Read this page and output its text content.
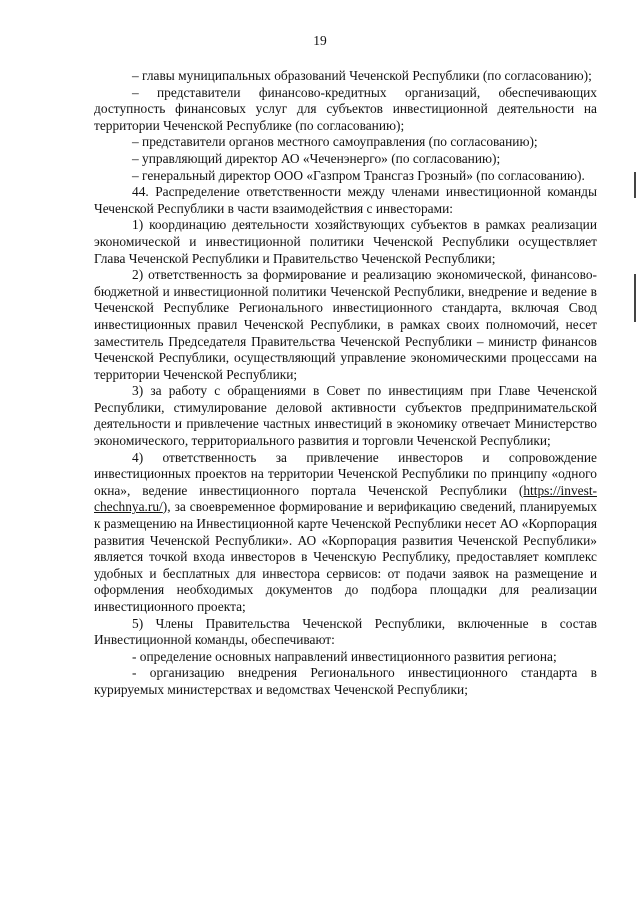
19

– главы муниципальных образований Чеченской Республики (по согласованию);

– представители финансово-кредитных организаций, обеспечивающих доступность финансовых услуг для субъектов инвестиционной деятельности на территории Чеченской Республике (по согласованию);

– представители органов местного самоуправления (по согласованию);

– управляющий директор АО «Чеченэнерго» (по согласованию);

– генеральный директор ООО «Газпром Трансгаз Грозный» (по согласованию).

44. Распределение ответственности между членами инвестиционной команды Чеченской Республики в части взаимодействия с инвесторами:

1) координацию деятельности хозяйствующих субъектов в рамках реализации экономической и инвестиционной политики Чеченской Республики осуществляет Глава Чеченской Республики и Правительство Чеченской Республики;

2) ответственность за формирование и реализацию экономической, финансово-бюджетной и инвестиционной политики Чеченской Республики, внедрение и ведение в Чеченской Республике Регионального инвестиционного стандарта, включая Свод инвестиционных правил Чеченской Республики, в рамках своих полномочий, несет заместитель Председателя Правительства Чеченской Республики – министр финансов Чеченской Республики, осуществляющий управление экономическими процессами на территории Чеченской Республики;

3) за работу с обращениями в Совет по инвестициям при Главе Чеченской Республики, стимулирование деловой активности субъектов предпринимательской деятельности и привлечение частных инвестиций в экономику отвечает Министерство экономического, территориального развития и торговли Чеченской Республики;

4) ответственность за привлечение инвесторов и сопровождение инвестиционных проектов на территории Чеченской Республики по принципу «одного окна», ведение инвестиционного портала Чеченской Республики (https://invest-chechnya.ru/), за своевременное формирование и верификацию сведений, планируемых к размещению на Инвестиционной карте Чеченской Республики несет АО «Корпорация развития Чеченской Республики». АО «Корпорация развития Чеченской Республики» является точкой входа инвесторов в Чеченскую Республику, предоставляет комплекс удобных и бесплатных для инвестора сервисов: от подачи заявок на размещение и оформления необходимых документов до подбора площадки для реализации инвестиционного проекта;

5) Члены Правительства Чеченской Республики, включенные в состав Инвестиционной команды, обеспечивают:

- определение основных направлений инвестиционного развития региона;

- организацию внедрения Регионального инвестиционного стандарта в курируемых министерствах и ведомствах Чеченской Республики;
